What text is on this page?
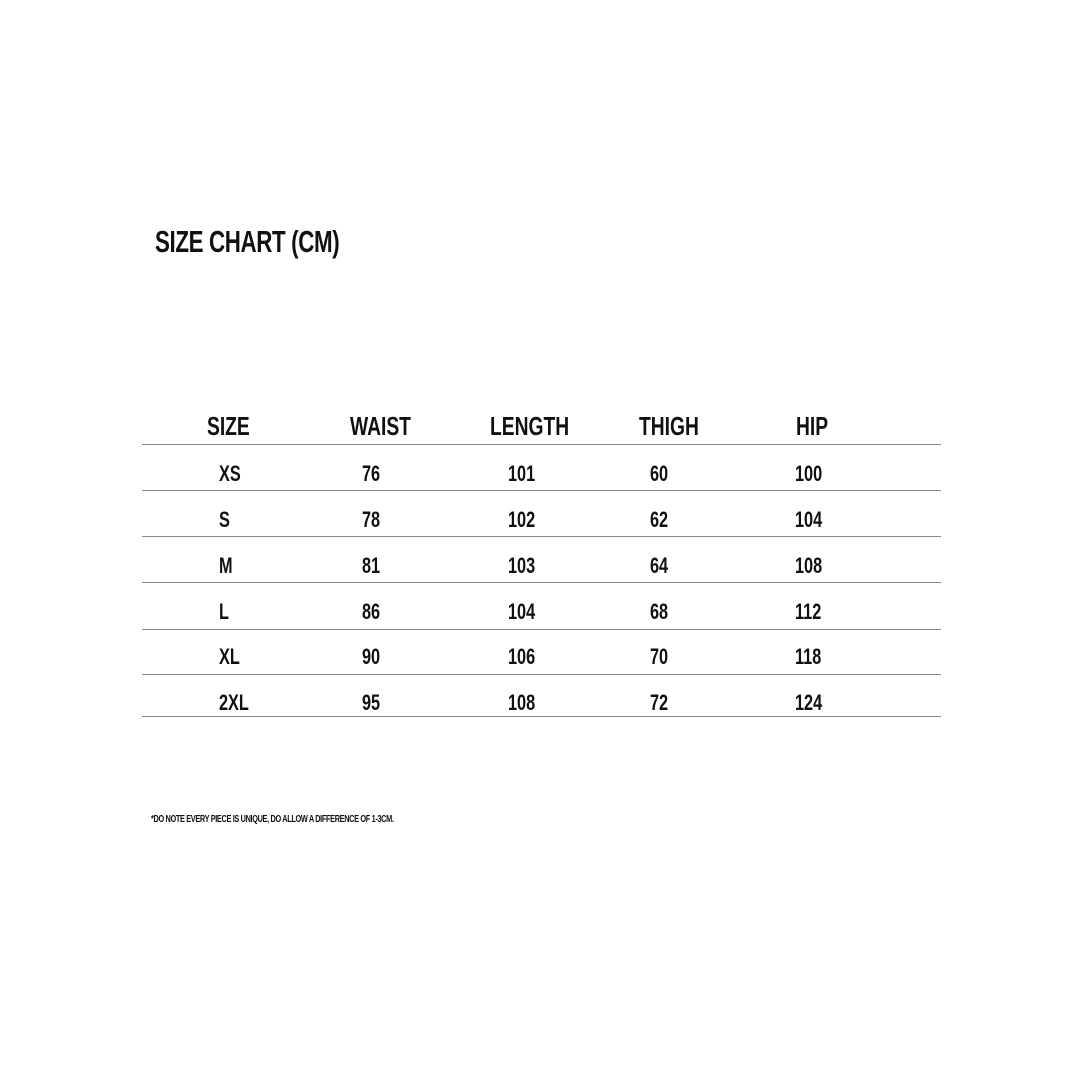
SIZE CHART (CM)
SIZE	WAIST	LENGTH	THIGH	HIP
XS	76	101	60	100
S	78	102	62	104
M	81	103	64	108
L	86	104	68	112
XL	90	106	70	118
2XL	95	108	72	124
*DO NOTE EVERY PIECE IS UNIQUE, DO ALLOW A DIFFERENCE OF 1-3CM.
